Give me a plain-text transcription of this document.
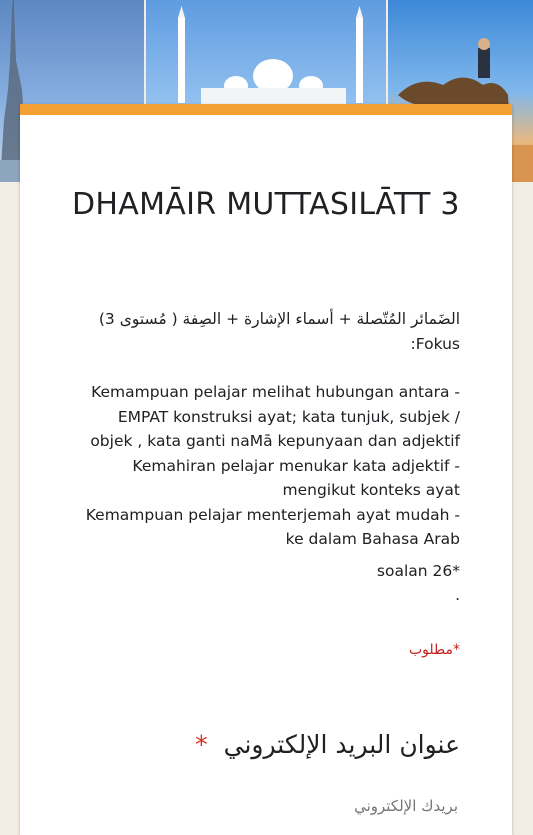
DHAMĀIR MUTTASILĀTT 3
الضَمائر المُتّصلة + أسماء الإشارة + الصِفة ( مُستوى 3)
:Fokus
Kemampuan pelajar melihat hubungan antara -
EMPAT konstruksi ayat; kata tunjuk, subjek /
objek , kata ganti naMā kepunyaan dan adjektif
Kemahiran pelajar menukar kata adjektif -
mengikut konteks ayat
Kemampuan pelajar menterjemah ayat mudah -
ke dalam Bahasa Arab
soalan 26*
.
*مطلوب
عنوان البريد الإلكتروني *
بريدك الإلكتروني
